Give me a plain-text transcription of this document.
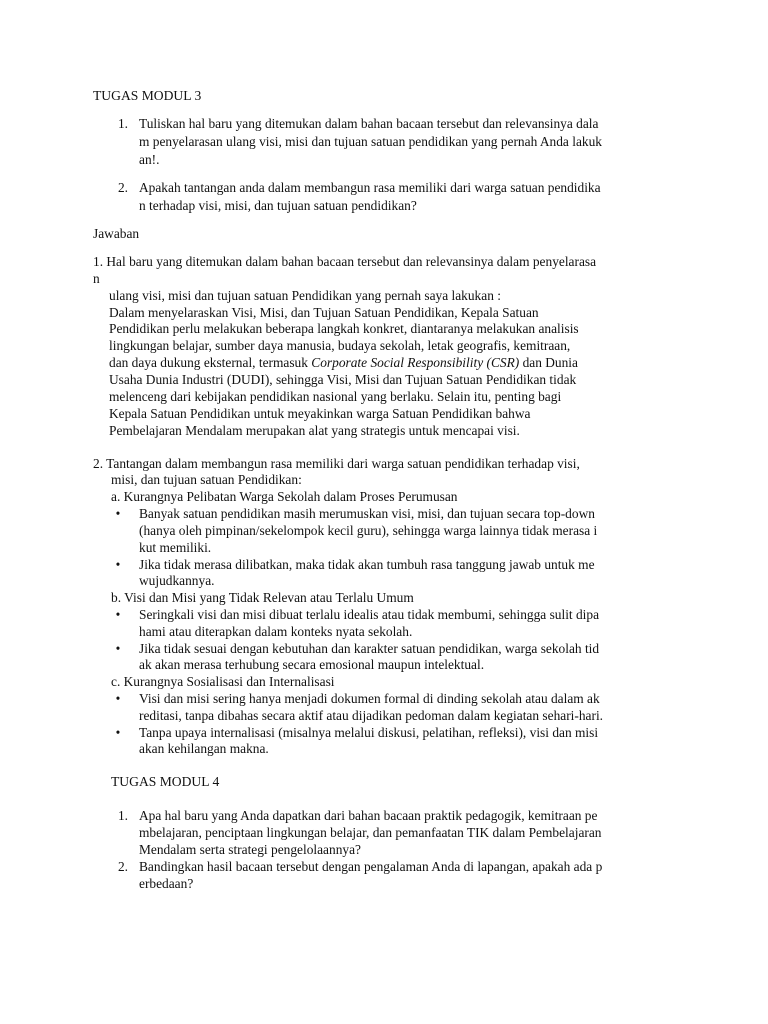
TUGAS MODUL 3
1. Tuliskan hal baru yang ditemukan dalam bahan bacaan tersebut dan relevansinya dala
m penyelarasan ulang visi, misi dan tujuan satuan pendidikan yang pernah Anda lakuk
an!.
2. Apakah tantangan anda dalam membangun rasa memiliki dari warga satuan pendidika
n terhadap visi, misi, dan tujuan satuan pendidikan?
Jawaban
1. Hal baru yang ditemukan dalam bahan bacaan tersebut dan relevansinya dalam penyelarasa
n
ulang visi, misi dan tujuan satuan Pendidikan yang pernah saya lakukan :
Dalam menyelaraskan Visi, Misi, dan Tujuan Satuan Pendidikan, Kepala Satuan
Pendidikan perlu melakukan beberapa langkah konkret, diantaranya melakukan analisis
lingkungan belajar, sumber daya manusia, budaya sekolah, letak geografis, kemitraan,
dan daya dukung eksternal, termasuk Corporate Social Responsibility (CSR) dan Dunia
Usaha Dunia Industri (DUDI), sehingga Visi, Misi dan Tujuan Satuan Pendidikan tidak
melenceng dari kebijakan pendidikan nasional yang berlaku. Selain itu, penting bagi
Kepala Satuan Pendidikan untuk meyakinkan warga Satuan Pendidikan bahwa
Pembelajaran Mendalam merupakan alat yang strategis untuk mencapai visi.
2. Tantangan dalam membangun rasa memiliki dari warga satuan pendidikan terhadap visi,
misi, dan tujuan satuan Pendidikan:
a. Kurangnya Pelibatan Warga Sekolah dalam Proses Perumusan
• Banyak satuan pendidikan masih merumuskan visi, misi, dan tujuan secara top-down
(hanya oleh pimpinan/sekelompok kecil guru), sehingga warga lainnya tidak merasa i
kut memiliki.
• Jika tidak merasa dilibatkan, maka tidak akan tumbuh rasa tanggung jawab untuk me
wujudkannya.
b. Visi dan Misi yang Tidak Relevan atau Terlalu Umum
• Seringkali visi dan misi dibuat terlalu idealis atau tidak membumi, sehingga sulit dipa
hami atau diterapkan dalam konteks nyata sekolah.
• Jika tidak sesuai dengan kebutuhan dan karakter satuan pendidikan, warga sekolah tid
ak akan merasa terhubung secara emosional maupun intelektual.
c. Kurangnya Sosialisasi dan Internalisasi
• Visi dan misi sering hanya menjadi dokumen formal di dinding sekolah atau dalam ak
reditasi, tanpa dibahas secara aktif atau dijadikan pedoman dalam kegiatan sehari-hari.
• Tanpa upaya internalisasi (misalnya melalui diskusi, pelatihan, refleksi), visi dan misi
akan kehilangan makna.
TUGAS MODUL 4
1. Apa hal baru yang Anda dapatkan dari bahan bacaan praktik pedagogik, kemitraan pe
mbelajaran, penciptaan lingkungan belajar, dan pemanfaatan TIK dalam Pembelajaran
Mendalam serta strategi pengelolaannya?
2. Bandingkan hasil bacaan tersebut dengan pengalaman Anda di lapangan, apakah ada p
erbedaan?
